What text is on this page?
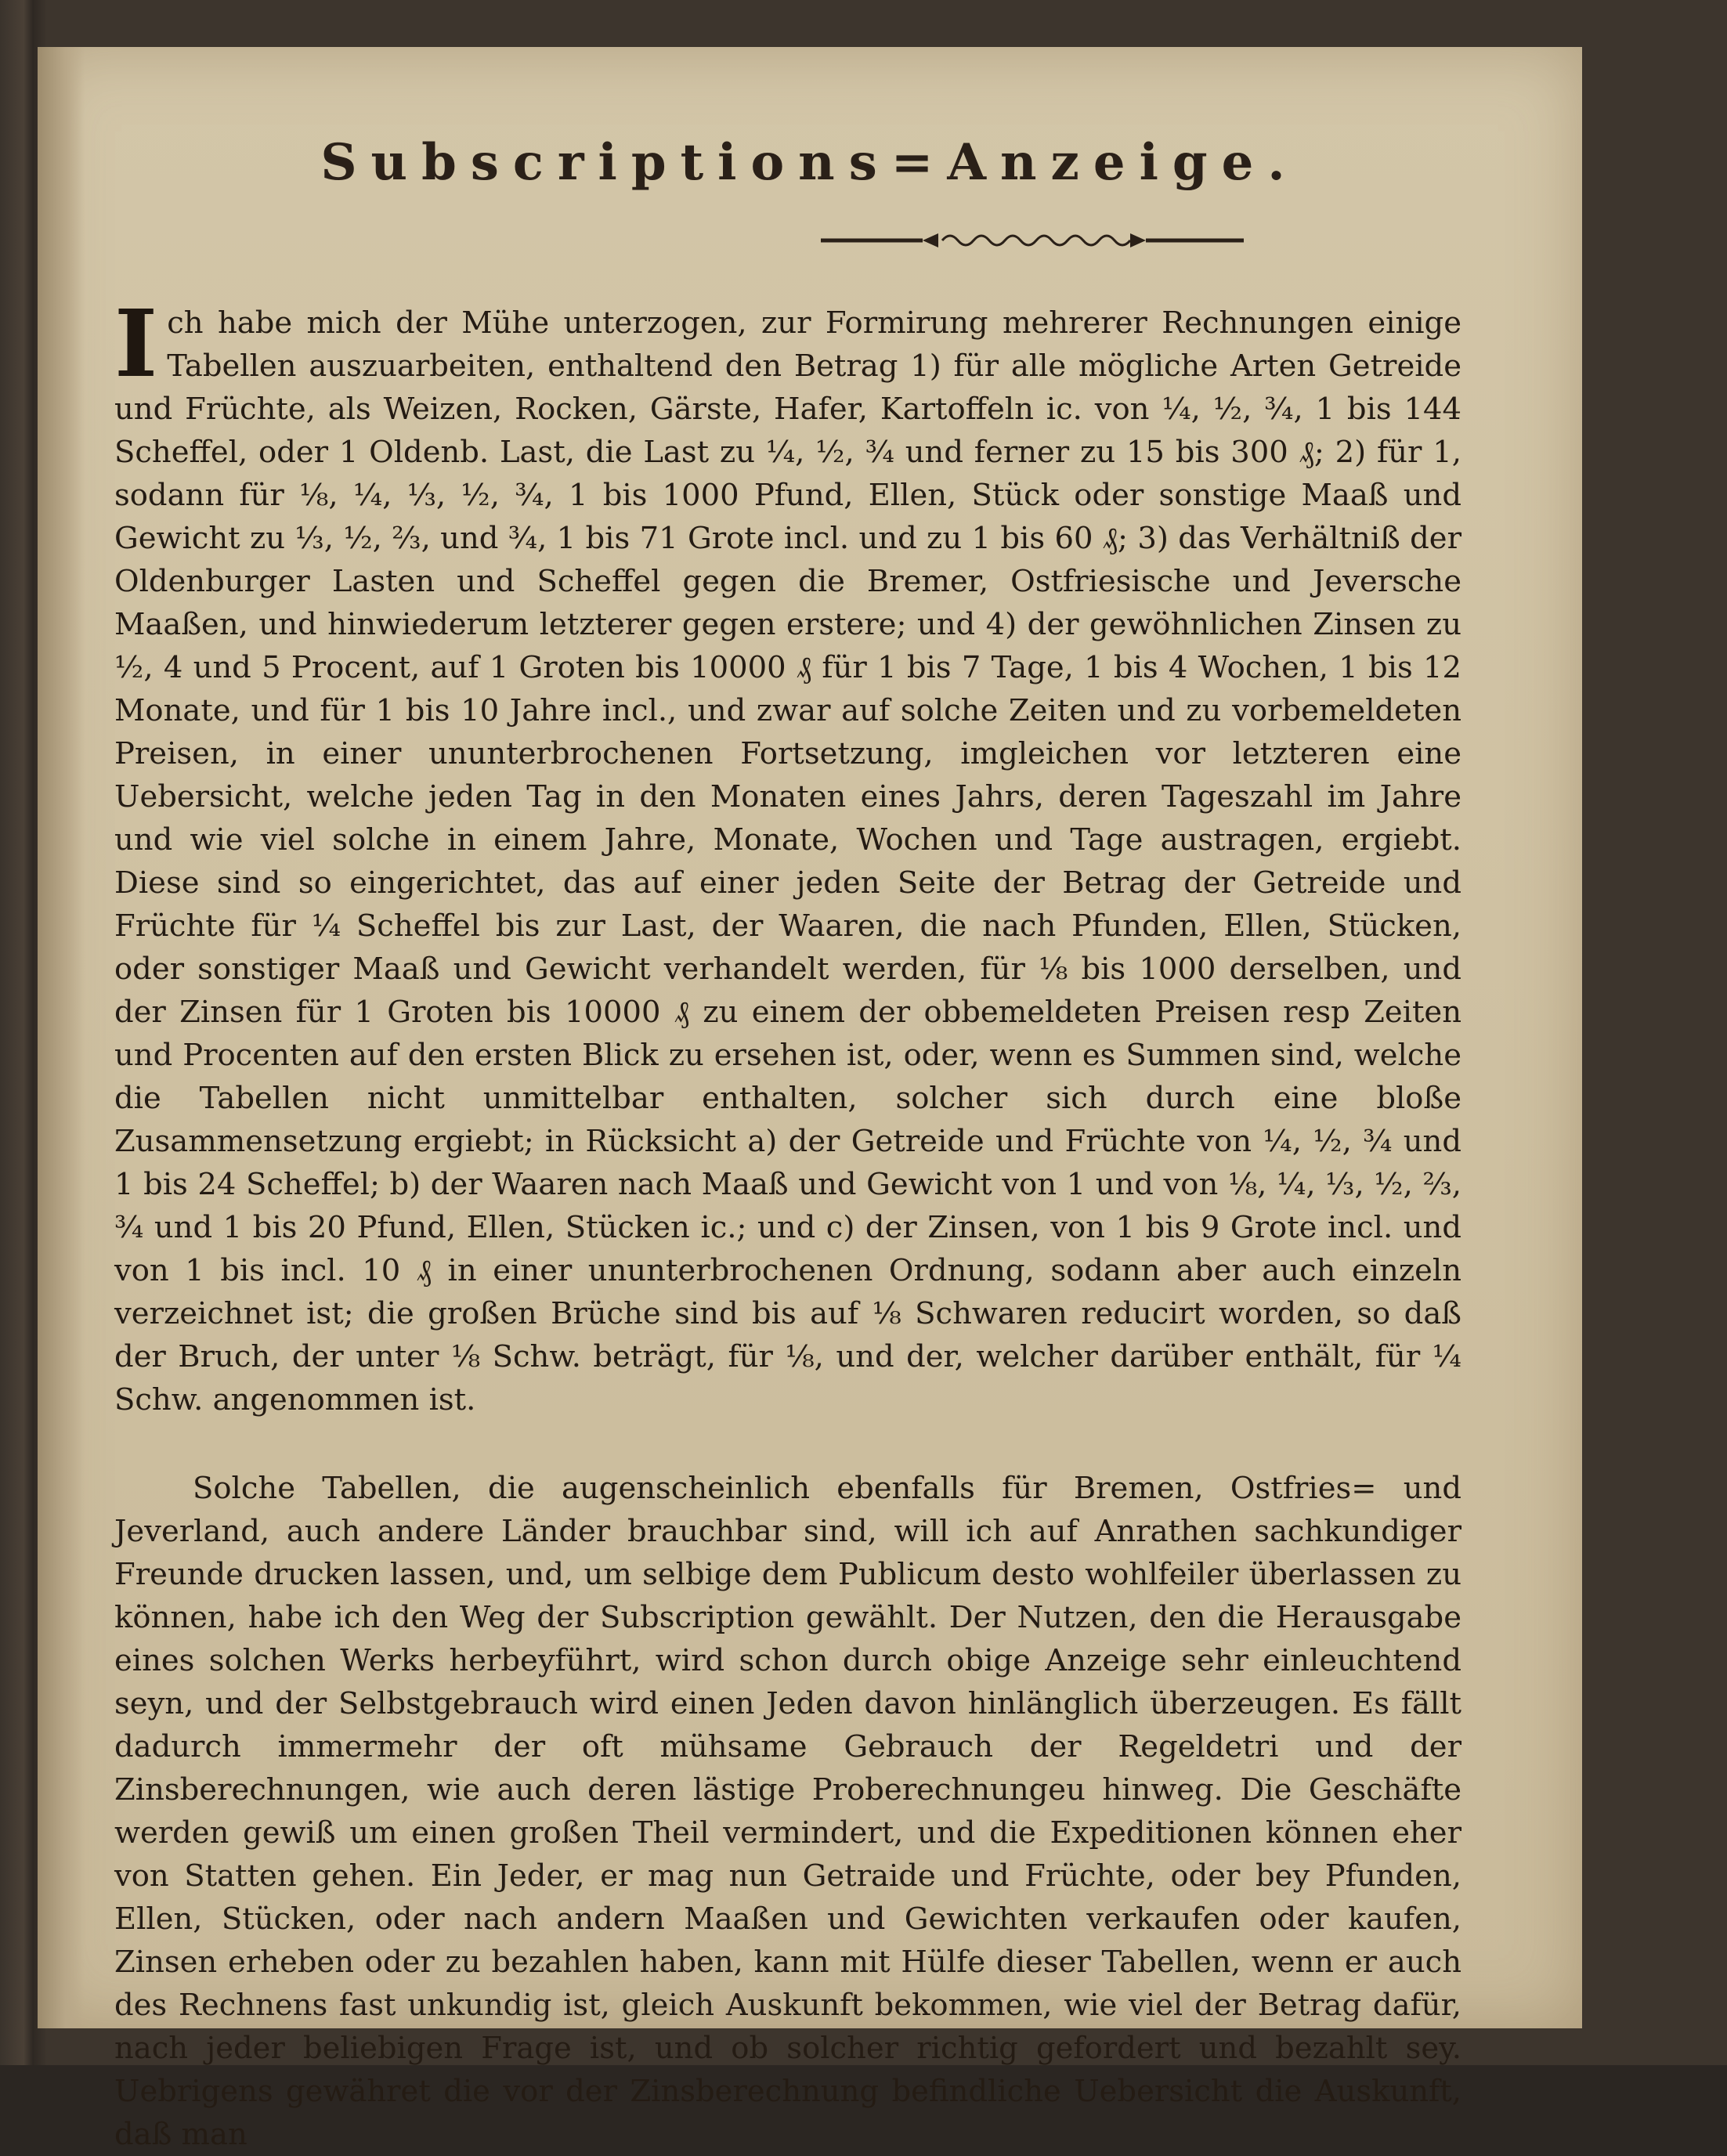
Subscriptions=Anzeige.

Ich habe mich der Mühe unterzogen, zur Formirung mehrerer Rechnungen einige Tabellen auszuarbeiten, enthaltend den Betrag 1) für alle mögliche Arten Getreide und Früchte, als Weizen, Rocken, Gärste, Hafer, Kartoffeln ic. von ¼, ½, ¾, 1 bis 144 Scheffel, oder 1 Oldenb. Last, die Last zu ¼, ½, ¾ und ferner zu 15 bis 300 ₰; 2) für 1, sodann für ⅛, ¼, ⅓, ½, ¾, 1 bis 1000 Pfund, Ellen, Stück oder sonstige Maaß und Gewicht zu ⅓, ½, ⅔, und ¾, 1 bis 71 Grote incl. und zu 1 bis 60 ₰; 3) das Verhältniß der Oldenburger Lasten und Scheffel gegen die Bremer, Ostfriesische und Jeversche Maaßen, und hinwiederum letzterer gegen erstere; und 4) der gewöhnlichen Zinsen zu ½, 4 und 5 Procent, auf 1 Groten bis 10000 ₰ für 1 bis 7 Tage, 1 bis 4 Wochen, 1 bis 12 Monate, und für 1 bis 10 Jahre incl., und zwar auf solche Zeiten und zu vorbemeldeten Preisen, in einer ununterbrochenen Fortsetzung, imgleichen vor letzteren eine Uebersicht, welche jeden Tag in den Monaten eines Jahrs, deren Tageszahl im Jahre und wie viel solche in einem Jahre, Monate, Wochen und Tage austragen, ergiebt. Diese sind so eingerichtet, das auf einer jeden Seite der Betrag der Getreide und Früchte für ¼ Scheffel bis zur Last, der Waaren, die nach Pfunden, Ellen, Stücken, oder sonstiger Maaß und Gewicht verhandelt werden, für ⅛ bis 1000 derselben, und der Zinsen für 1 Groten bis 10000 ₰ zu einem der obbemeldeten Preisen resp Zeiten und Procenten auf den ersten Blick zu ersehen ist, oder, wenn es Summen sind, welche die Tabellen nicht unmittelbar enthalten, solcher sich durch eine bloße Zusammensetzung ergiebt; in Rücksicht a) der Getreide und Früchte von ¼, ½, ¾ und 1 bis 24 Scheffel; b) der Waaren nach Maaß und Gewicht von 1 und von ⅛, ¼, ⅓, ½, ⅔, ¾ und 1 bis 20 Pfund, Ellen, Stücken ic.; und c) der Zinsen, von 1 bis 9 Grote incl. und von 1 bis incl. 10 ₰ in einer ununterbrochenen Ordnung, sodann aber auch einzeln verzeichnet ist; die großen Brüche sind bis auf ⅛ Schwaren reducirt worden, so daß der Bruch, der unter ⅛ Schw. beträgt, für ⅛, und der, welcher darüber enthält, für ¼ Schw. angenommen ist.

Solche Tabellen, die augenscheinlich ebenfalls für Bremen, Ostfries= und Jeverland, auch andere Länder brauchbar sind, will ich auf Anrathen sachkundiger Freunde drucken lassen, und, um selbige dem Publicum desto wohlfeiler überlassen zu können, habe ich den Weg der Subscription gewählt. Der Nutzen, den die Herausgabe eines solchen Werks herbeyführt, wird schon durch obige Anzeige sehr einleuchtend seyn, und der Selbstgebrauch wird einen Jeden davon hinlänglich überzeugen. Es fällt dadurch immermehr der oft mühsame Gebrauch der Regeldetri und der Zinsberechnungen, wie auch deren lästige Proberechnungeu hinweg. Die Geschäfte werden gewiß um einen großen Theil vermindert, und die Expeditionen können eher von Statten gehen. Ein Jeder, er mag nun Getraide und Früchte, oder bey Pfunden, Ellen, Stücken, oder nach andern Maaßen und Gewichten verkaufen oder kaufen, Zinsen erheben oder zu bezahlen haben, kann mit Hülfe dieser Tabellen, wenn er auch des Rechnens fast unkundig ist, gleich Auskunft bekommen, wie viel der Betrag dafür, nach jeder beliebigen Frage ist, und ob solcher richtig gefordert und bezahlt sey. Uebrigens gewähret die vor der Zinsberechnung befindliche Uebersicht die Auskunft, daß man
